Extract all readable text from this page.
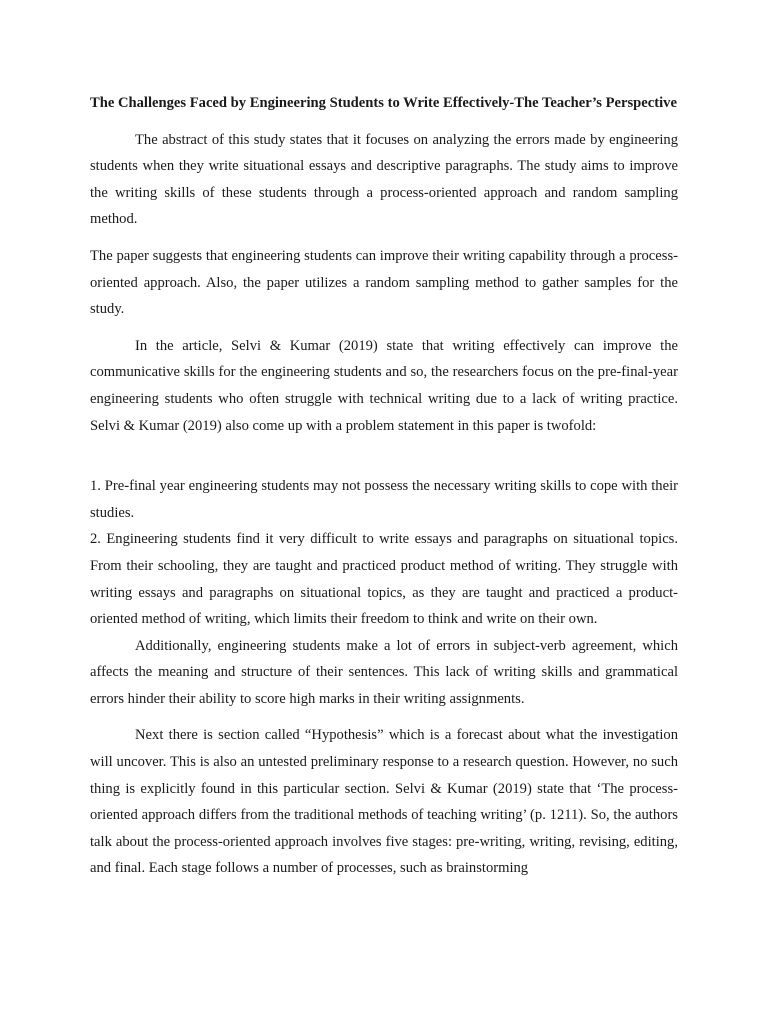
The Challenges Faced by Engineering Students to Write Effectively-The Teacher’s Perspective

The abstract of this study states that it focuses on analyzing the errors made by engineering students when they write situational essays and descriptive paragraphs. The study aims to improve the writing skills of these students through a process-oriented approach and random sampling method.

The paper suggests that engineering students can improve their writing capability through a process-oriented approach. Also, the paper utilizes a random sampling method to gather samples for the study.

In the article, Selvi & Kumar (2019) state that writing effectively can improve the communicative skills for the engineering students and so, the researchers focus on the pre-final-year engineering students who often struggle with technical writing due to a lack of writing practice. Selvi & Kumar (2019) also come up with a problem statement in this paper is twofold:

1. Pre-final year engineering students may not possess the necessary writing skills to cope with their studies.

2. Engineering students find it very difficult to write essays and paragraphs on situational topics. From their schooling, they are taught and practiced product method of writing. They struggle with writing essays and paragraphs on situational topics, as they are taught and practiced a product-oriented method of writing, which limits their freedom to think and write on their own.

Additionally, engineering students make a lot of errors in subject-verb agreement, which affects the meaning and structure of their sentences. This lack of writing skills and grammatical errors hinder their ability to score high marks in their writing assignments.

Next there is section called “Hypothesis” which is a forecast about what the investigation will uncover. This is also an untested preliminary response to a research question. However, no such thing is explicitly found in this particular section. Selvi & Kumar (2019) state that ‘The process-oriented approach differs from the traditional methods of teaching writing’ (p. 1211). So, the authors talk about the process-oriented approach involves five stages: pre-writing, writing, revising, editing, and final. Each stage follows a number of processes, such as brainstorming
